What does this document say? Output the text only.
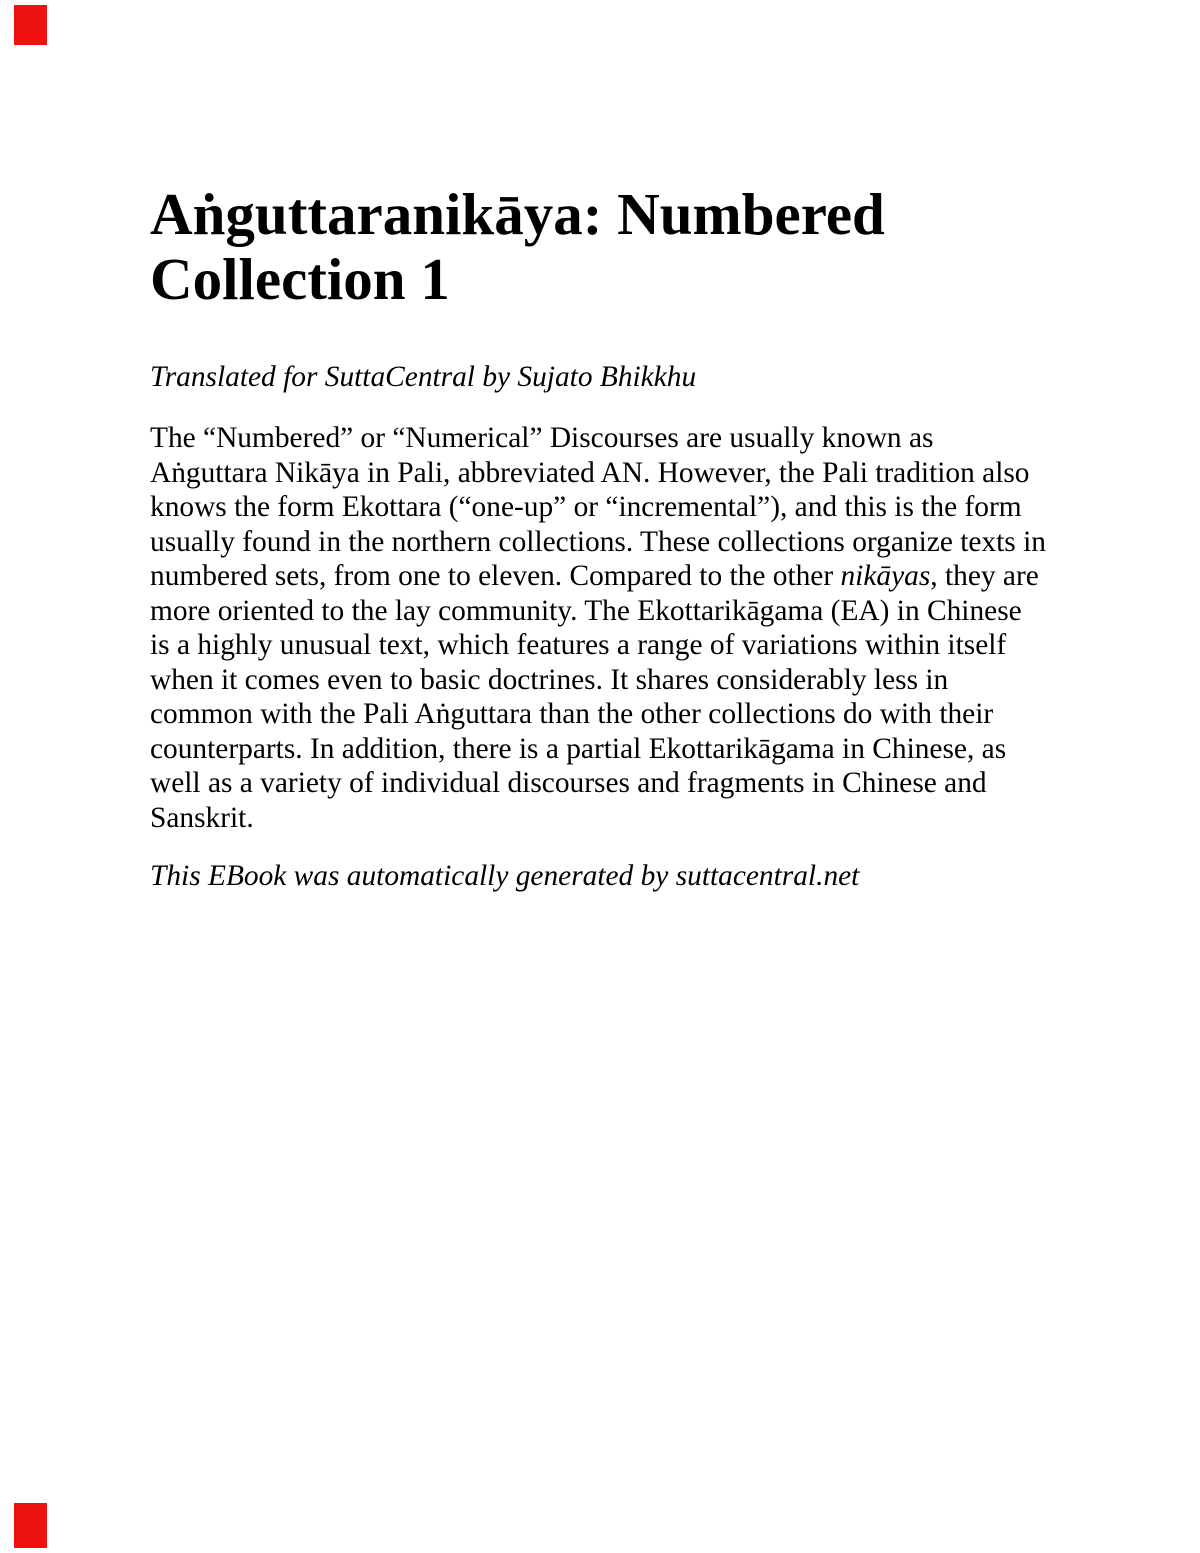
Aṅguttaranikāya: Numbered
Collection 1

Translated for SuttaCentral by Sujato Bhikkhu

The “Numbered” or “Numerical” Discourses are usually known as
Aṅguttara Nikāya in Pali, abbreviated AN. However, the Pali tradition also
knows the form Ekottara (“one-up” or “incremental”), and this is the form
usually found in the northern collections. These collections organize texts in
numbered sets, from one to eleven. Compared to the other nikāyas, they are
more oriented to the lay community. The Ekottarikāgama (EA) in Chinese
is a highly unusual text, which features a range of variations within itself
when it comes even to basic doctrines. It shares considerably less in
common with the Pali Aṅguttara than the other collections do with their
counterparts. In addition, there is a partial Ekottarikāgama in Chinese, as
well as a variety of individual discourses and fragments in Chinese and
Sanskrit.

This EBook was automatically generated by suttacentral.net
